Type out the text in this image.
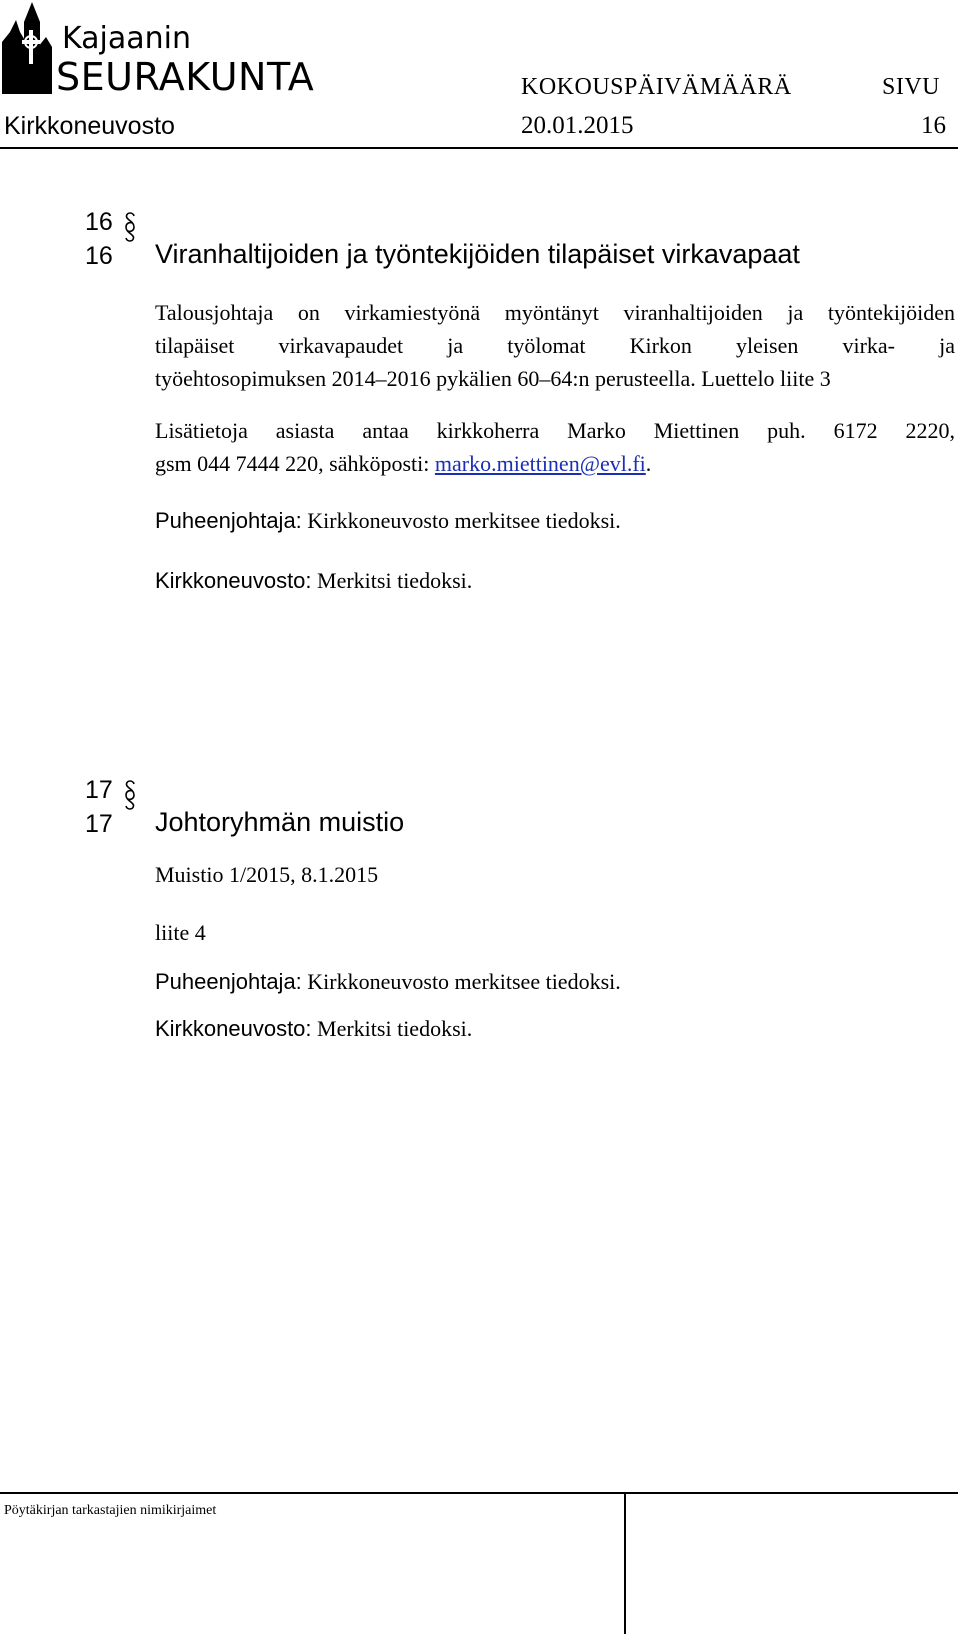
Kajaanin
SEURAKUNTA	KOKOUSPÄIVÄMÄÄRÄ	SIVU
Kirkkoneuvosto	20.01.2015	16
16
16 Viranhaltijoiden ja työntekijöiden tilapäiset virkavapaat
Talousjohtaja on virkamiestyönä myöntänyt viranhaltijoiden ja työntekijöiden
tilapäiset virkavapaudet ja työlomat Kirkon yleisen virka- ja
työehtosopimuksen 2014–2016 pykälien 60–64:n perusteella. Luettelo liite 3
Lisätietoja asiasta antaa kirkkoherra Marko Miettinen puh. 6172 2220,
gsm 044 7444 220, sähköposti: marko.miettinen@evl.fi.
Puheenjohtaja: Kirkkoneuvosto merkitsee tiedoksi.
Kirkkoneuvosto: Merkitsi tiedoksi.
17
17 Johtoryhmän muistio
Muistio 1/2015, 8.1.2015
liite 4
Puheenjohtaja: Kirkkoneuvosto merkitsee tiedoksi.
Kirkkoneuvosto: Merkitsi tiedoksi.
Pöytäkirjan tarkastajien nimikirjaimet
